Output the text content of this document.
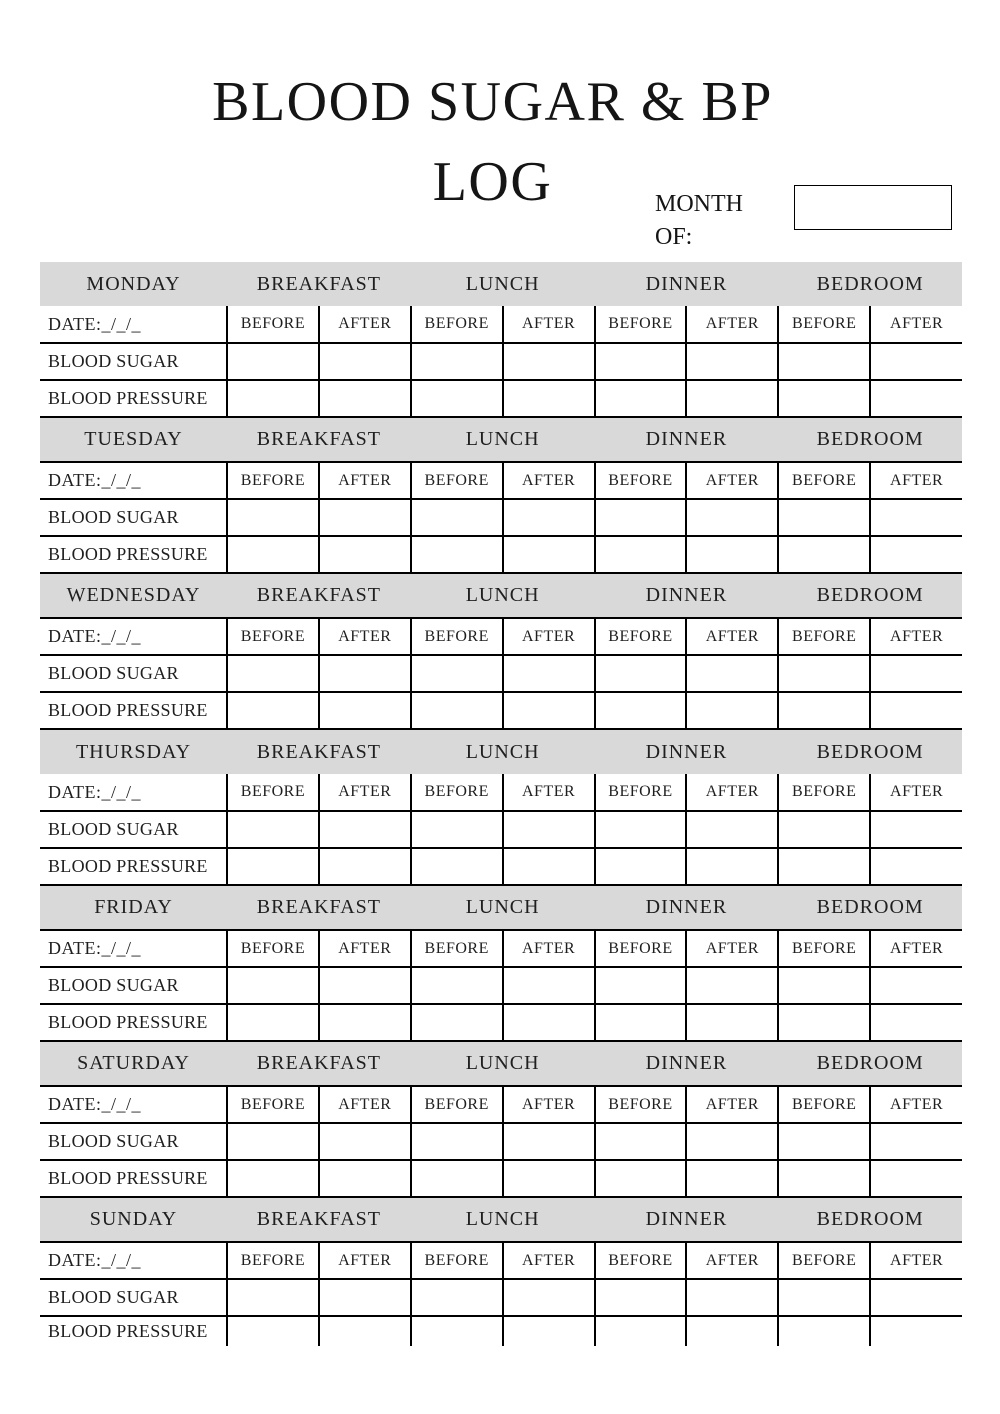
BLOOD SUGAR & BP
LOG	MONTH OF:
MONDAY	BREAKFAST		LUNCH		DINNER		BEDROOM	
DATE:_/_/_	BEFORE	AFTER	BEFORE	AFTER	BEFORE	AFTER	BEFORE	AFTER
BLOOD SUGAR								
BLOOD PRESSURE								
TUESDAY	BREAKFAST		LUNCH		DINNER		BEDROOM	
DATE:_/_/_	BEFORE	AFTER	BEFORE	AFTER	BEFORE	AFTER	BEFORE	AFTER
BLOOD SUGAR								
BLOOD PRESSURE								
WEDNESDAY	BREAKFAST		LUNCH		DINNER		BEDROOM	
DATE:_/_/_	BEFORE	AFTER	BEFORE	AFTER	BEFORE	AFTER	BEFORE	AFTER
BLOOD SUGAR								
BLOOD PRESSURE								
THURSDAY	BREAKFAST		LUNCH		DINNER		BEDROOM	
DATE:_/_/_	BEFORE	AFTER	BEFORE	AFTER	BEFORE	AFTER	BEFORE	AFTER
BLOOD SUGAR								
BLOOD PRESSURE								
FRIDAY	BREAKFAST		LUNCH		DINNER		BEDROOM	
DATE:_/_/_	BEFORE	AFTER	BEFORE	AFTER	BEFORE	AFTER	BEFORE	AFTER
BLOOD SUGAR								
BLOOD PRESSURE								
SATURDAY	BREAKFAST		LUNCH		DINNER		BEDROOM	
DATE:_/_/_	BEFORE	AFTER	BEFORE	AFTER	BEFORE	AFTER	BEFORE	AFTER
BLOOD SUGAR								
BLOOD PRESSURE								
SUNDAY	BREAKFAST		LUNCH		DINNER		BEDROOM	
DATE:_/_/_	BEFORE	AFTER	BEFORE	AFTER	BEFORE	AFTER	BEFORE	AFTER
BLOOD SUGAR								
BLOOD PRESSURE								
